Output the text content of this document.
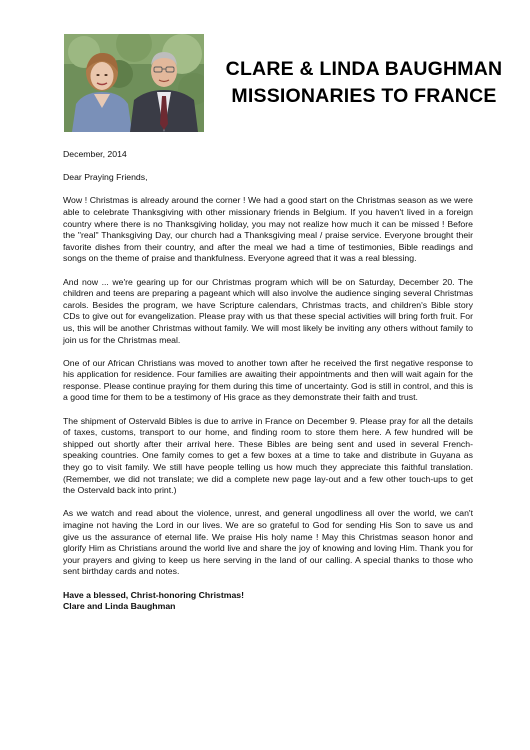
CLARE & LINDA BAUGHMAN
MISSIONARIES TO FRANCE

December, 2014

Dear Praying Friends,

Wow ! Christmas is already around the corner ! We had a good start on the Christmas season as we were able to celebrate Thanksgiving with other missionary friends in Belgium. If you haven't lived in a foreign country where there is no Thanksgiving holiday, you may not realize how much it can be missed ! Before the "real" Thanksgiving Day, our church had a Thanksgiving meal / praise service. Everyone brought their favorite dishes from their country, and after the meal we had a time of testimonies, Bible readings and songs on the theme of praise and thankfulness. Everyone agreed that it was a real blessing.

And now ... we're gearing up for our Christmas program which will be on Saturday, December 20. The children and teens are preparing a pageant which will also involve the audience singing several Christmas carols. Besides the program, we have Scripture calendars, Christmas tracts, and children's Bible story CDs to give out for evangelization. Please pray with us that these special activities will bring forth fruit. For us, this will be another Christmas without family. We will most likely be inviting any others without family to join us for the Christmas meal.

One of our African Christians was moved to another town after he received the first negative response to his application for residence. Four families are awaiting their appointments and then will wait again for the response. Please continue praying for them during this time of uncertainty. God is still in control, and this is a good time for them to be a testimony of His grace as they demonstrate their faith and trust.

The shipment of Ostervald Bibles is due to arrive in France on December 9. Please pray for all the details of taxes, customs, transport to our home, and finding room to store them here. A few hundred will be shipped out shortly after their arrival here. These Bibles are being sent and used in several French-speaking countries. One family comes to get a few boxes at a time to take and distribute in Guyana as they go to visit family. We still have people telling us how much they appreciate this faithful translation. (Remember, we did not translate; we did a complete new page lay-out and a few other touch-ups to get the Ostervald back into print.)

As we watch and read about the violence, unrest, and general ungodliness all over the world, we can't imagine not having the Lord in our lives. We are so grateful to God for sending His Son to save us and give us the assurance of eternal life. We praise His holy name ! May this Christmas season honor and glorify Him as Christians around the world live and share the joy of knowing and loving Him. Thank you for your prayers and giving to keep us here serving in the land of our calling. A special thanks to those who sent birthday cards and notes.

Have a blessed, Christ-honoring Christmas!

Clare and Linda Baughman
